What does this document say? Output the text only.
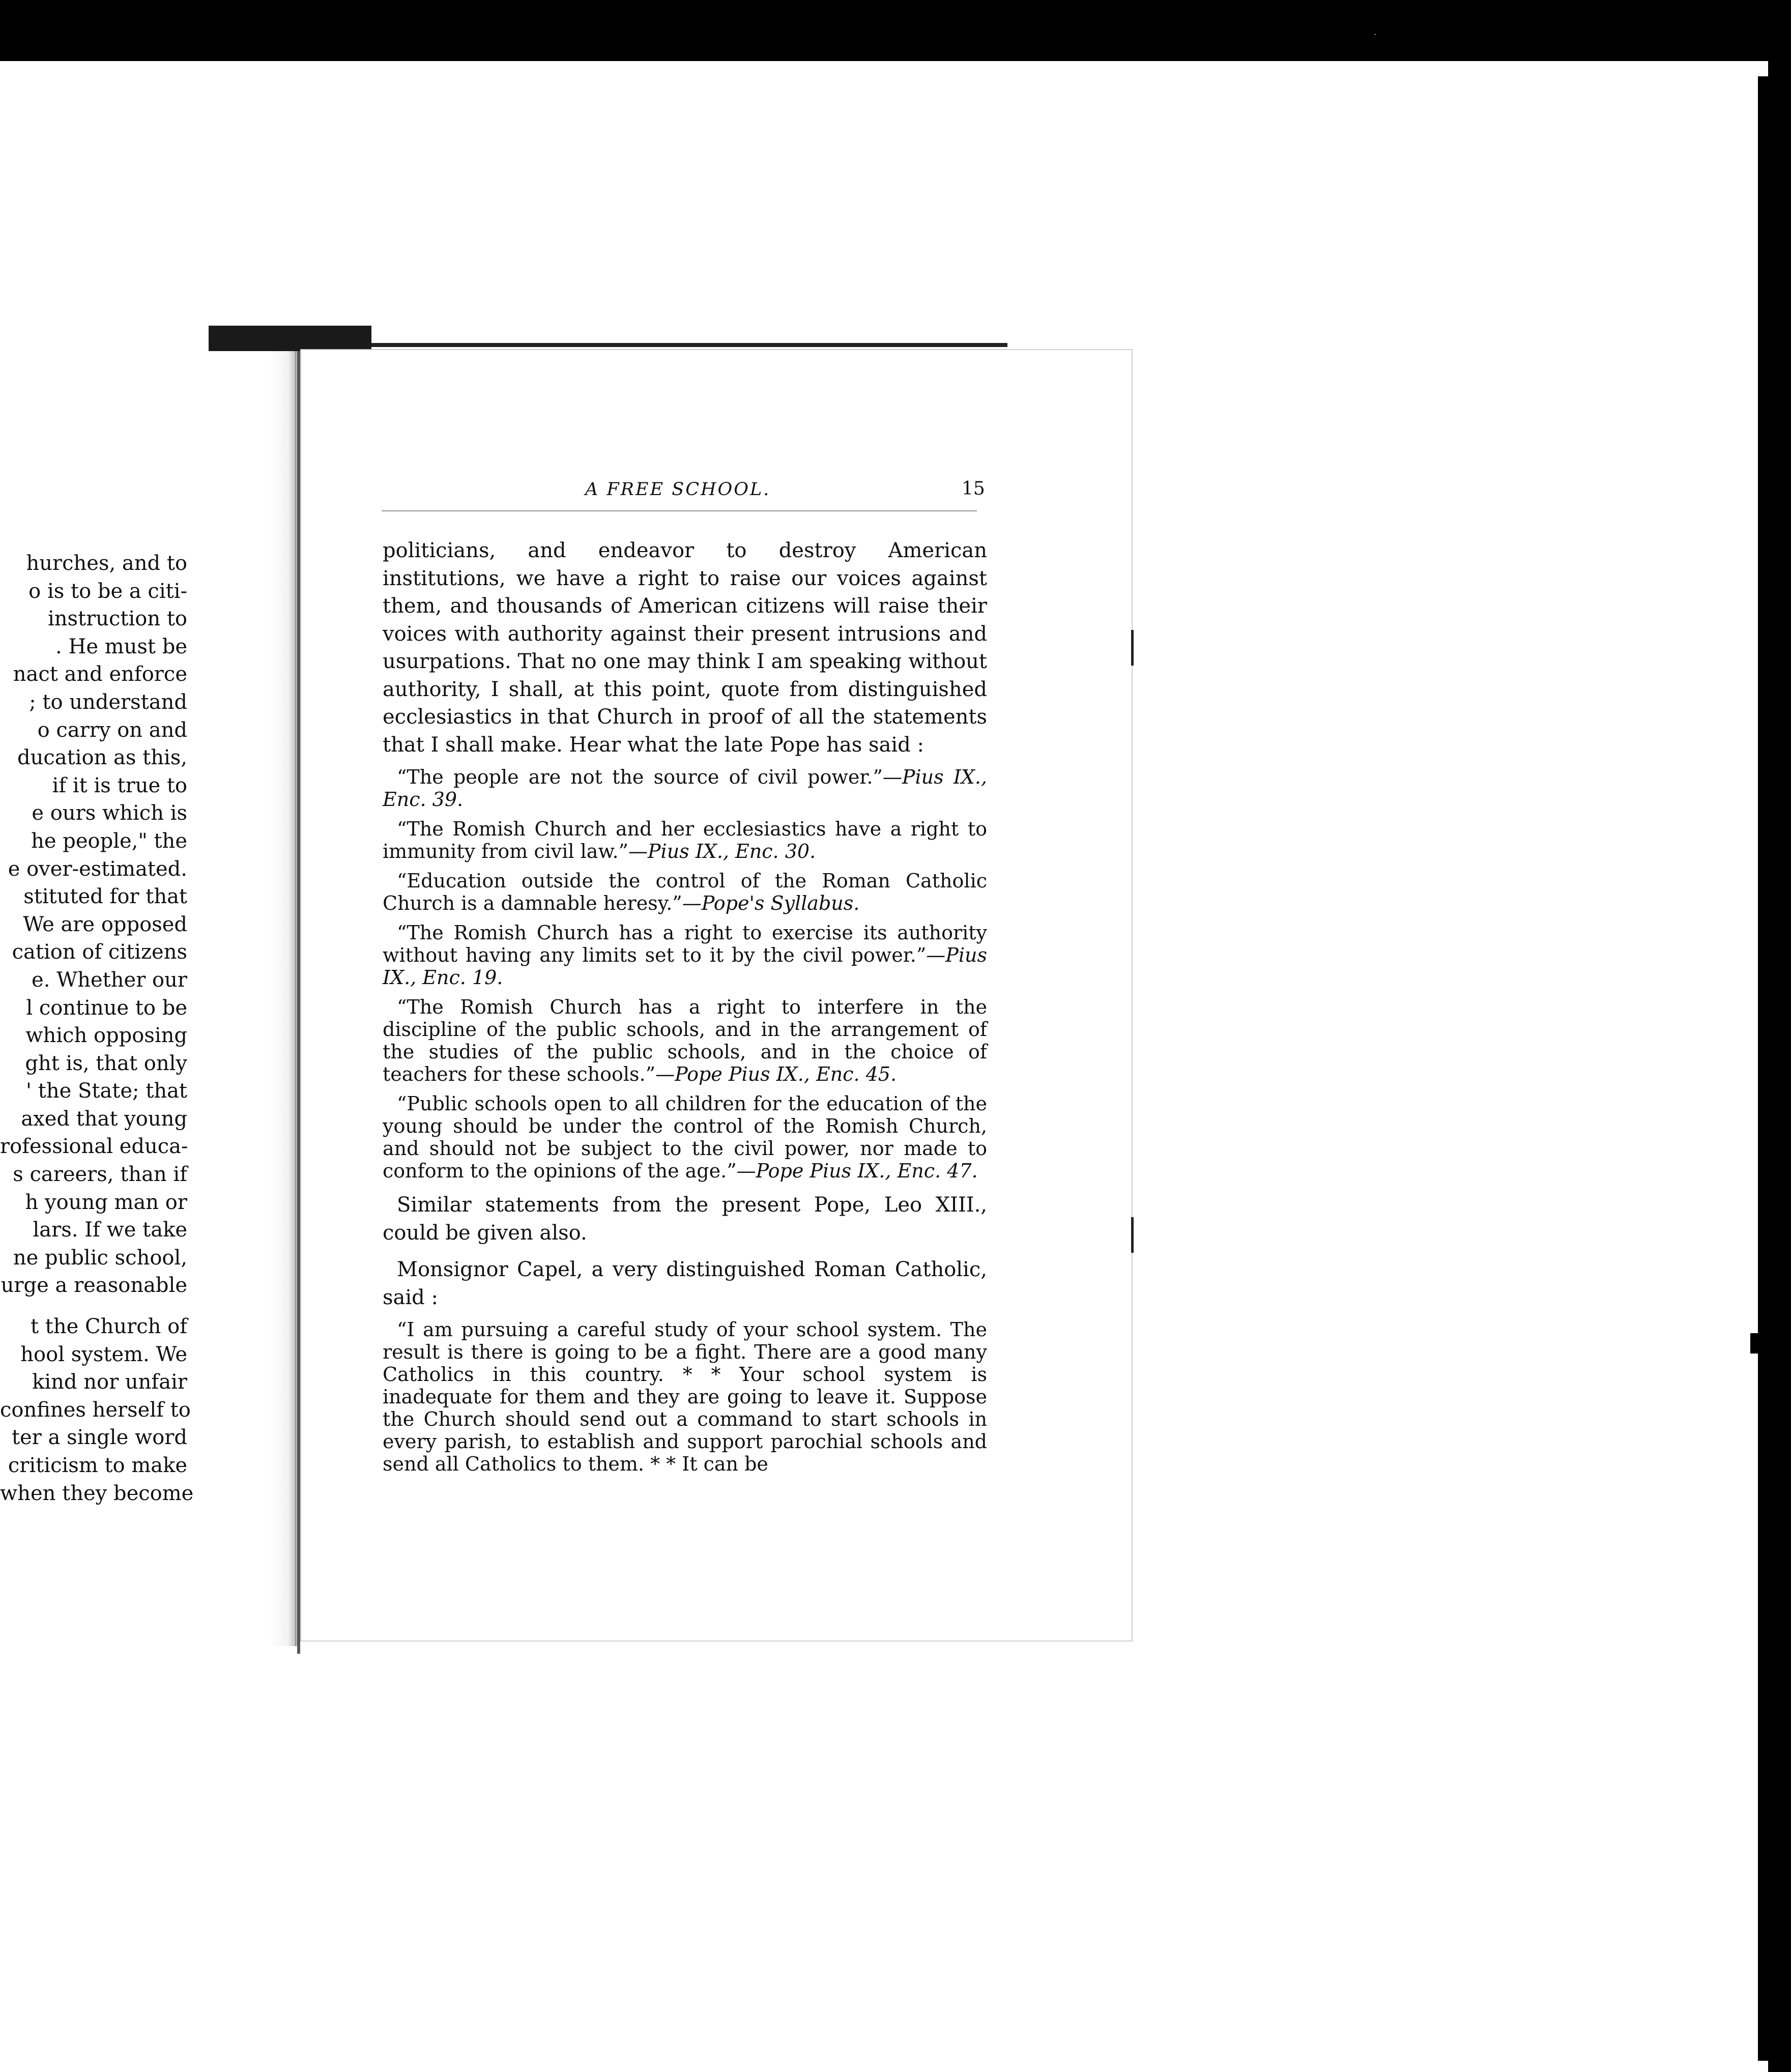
·
hurches, and to
o is to be a citi-
instruction to
. He must be
nact and enforce
; to understand
o carry on and
ducation as this,
if it is true to
e ours which is
he people," the
e over-estimated.
stituted for that
We are opposed
cation of citizens
e. Whether our
l continue to be
which opposing
ght is, that only
' the State; that
axed that young
rofessional educa-
s careers, than if
h young man or
lars. If we take
ne public school,
urge a reasonable
t the Church of
hool system. We
kind nor unfair
confines herself to
ter a single word
criticism to make
when they become
A FREE SCHOOL.	15

politicians, and endeavor to destroy American institutions, we have a right to raise our voices against them, and thousands of American citizens will raise their voices with authority against their present intrusions and usurpations. That no one may think I am speaking without authority, I shall, at this point, quote from distinguished ecclesiastics in that Church in proof of all the statements that I shall make. Hear what the late Pope has said :

“The people are not the source of civil power.”—Pius IX., Enc. 39.

“The Romish Church and her ecclesiastics have a right to immunity from civil law.”—Pius IX., Enc. 30.

“Education outside the control of the Roman Catholic Church is a damnable heresy.”—Pope's Syllabus.

“The Romish Church has a right to exercise its authority without having any limits set to it by the civil power.”—Pius IX., Enc. 19.

“The Romish Church has a right to interfere in the discipline of the public schools, and in the arrangement of the studies of the public schools, and in the choice of teachers for these schools.”—Pope Pius IX., Enc. 45.

“Public schools open to all children for the education of the young should be under the control of the Romish Church, and should not be subject to the civil power, nor made to conform to the opinions of the age.”—Pope Pius IX., Enc. 47.

Similar statements from the present Pope, Leo XIII., could be given also.

Monsignor Capel, a very distinguished Roman Catholic, said :

“I am pursuing a careful study of your school system. The result is there is going to be a fight. There are a good many Catholics in this country. * * Your school system is inadequate for them and they are going to leave it. Suppose the Church should send out a command to start schools in every parish, to establish and support parochial schools and send all Catholics to them. * * It can be
